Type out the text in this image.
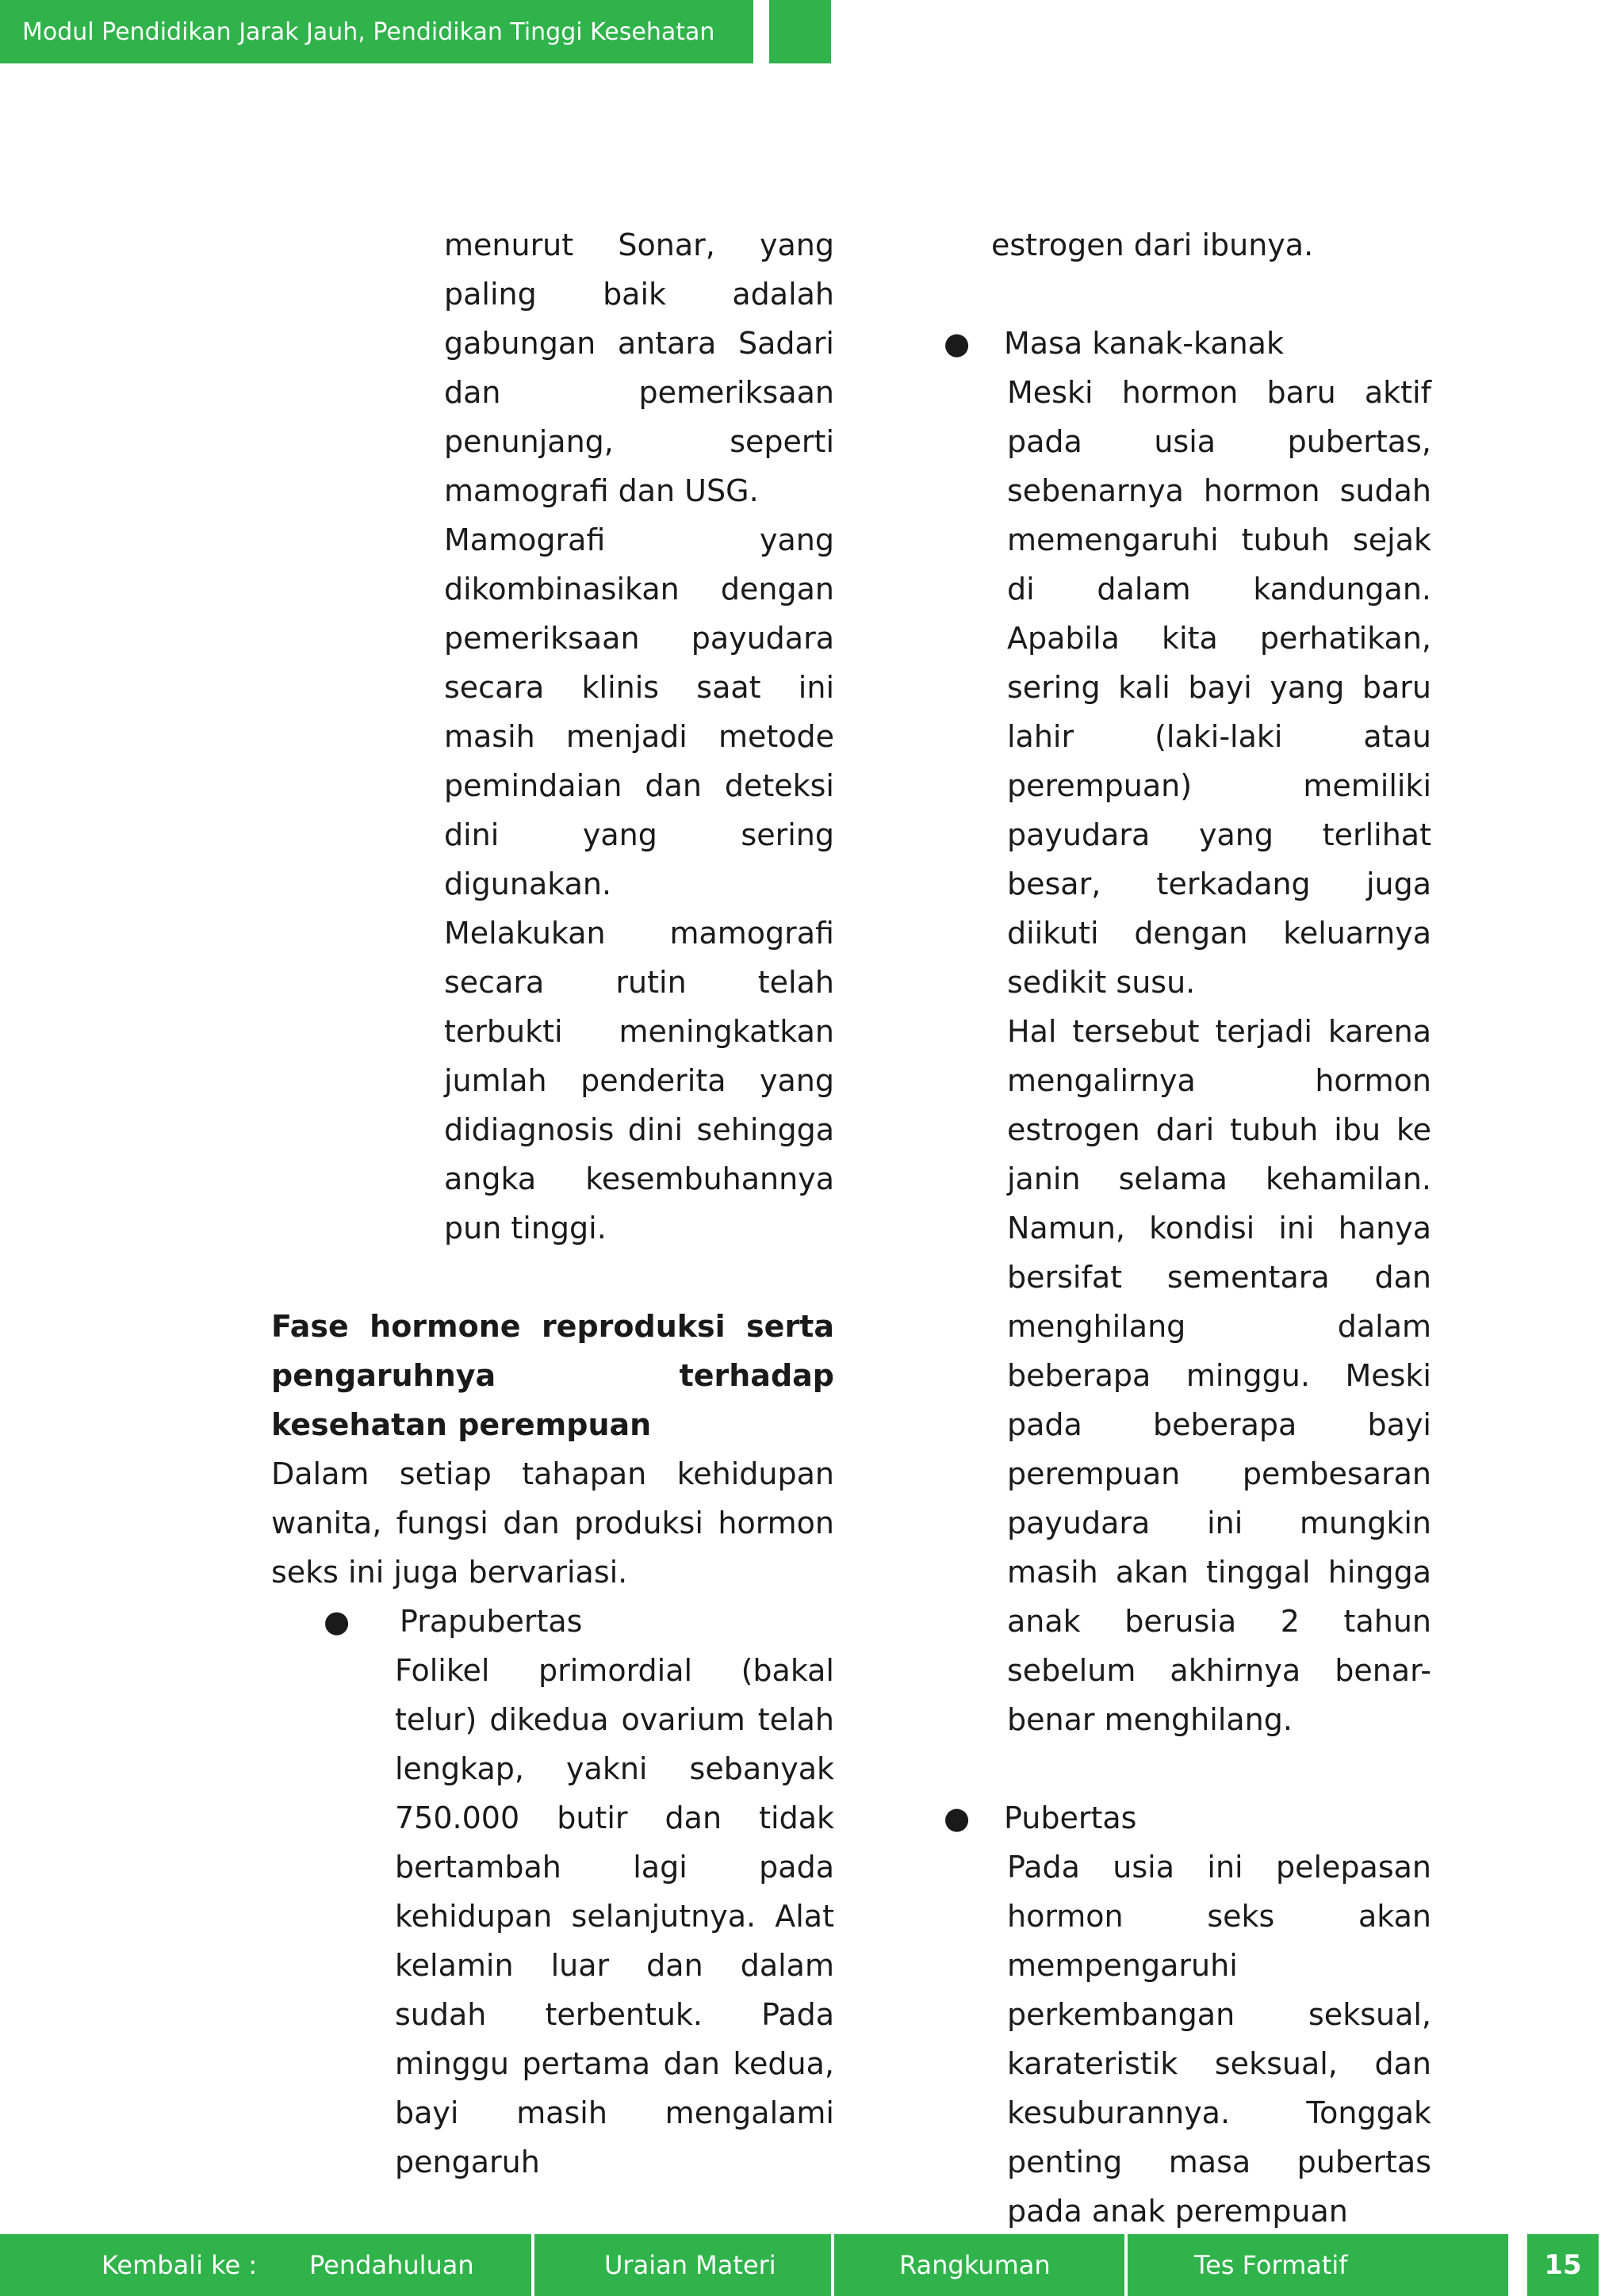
Modul Pendidikan Jarak Jauh, Pendidikan Tinggi Kesehatan

menurut Sonar, yang paling baik adalah gabungan antara Sadari dan pemeriksaan penunjang, seperti mamografi dan USG.

Mamografi yang dikombinasikan dengan pemeriksaan payudara secara klinis saat ini masih menjadi metode pemindaian dan deteksi dini yang sering digunakan.

Melakukan mamografi secara rutin telah terbukti meningkatkan jumlah penderita yang didiagnosis dini sehingga angka kesembuhannya pun tinggi.

Fase hormone reproduksi serta pengaruhnya terhadap kesehatan perempuan

Dalam setiap tahapan kehidupan wanita, fungsi dan produksi hormon seks ini juga bervariasi.

●	Prapubertas

Folikel primordial (bakal telur) dikedua ovarium telah lengkap, yakni sebanyak 750.000 butir dan tidak bertambah lagi pada kehidupan selanjutnya. Alat kelamin luar dan dalam sudah terbentuk. Pada minggu pertama dan kedua, bayi masih mengalami pengaruh

estrogen dari ibunya.

●	Masa kanak-kanak

Meski hormon baru aktif pada usia pubertas, sebenarnya hormon sudah memengaruhi tubuh sejak di dalam kandungan. Apabila kita perhatikan, sering kali bayi yang baru lahir (laki-laki atau perempuan) memiliki payudara yang terlihat besar, terkadang juga diikuti dengan keluarnya sedikit susu.

Hal tersebut terjadi karena mengalirnya hormon estrogen dari tubuh ibu ke janin selama kehamilan. Namun, kondisi ini hanya bersifat sementara dan menghilang dalam beberapa minggu. Meski pada beberapa bayi perempuan pembesaran payudara ini mungkin masih akan tinggal hingga anak berusia 2 tahun sebelum akhirnya benar-benar menghilang.

●	Pubertas

Pada usia ini pelepasan hormon seks akan mempengaruhi perkembangan seksual, karateristik seksual, dan kesuburannya. Tonggak penting masa pubertas pada anak perempuan

Kembali ke : Pendahuluan	Uraian Materi	Rangkuman	Tes Formatif	15
